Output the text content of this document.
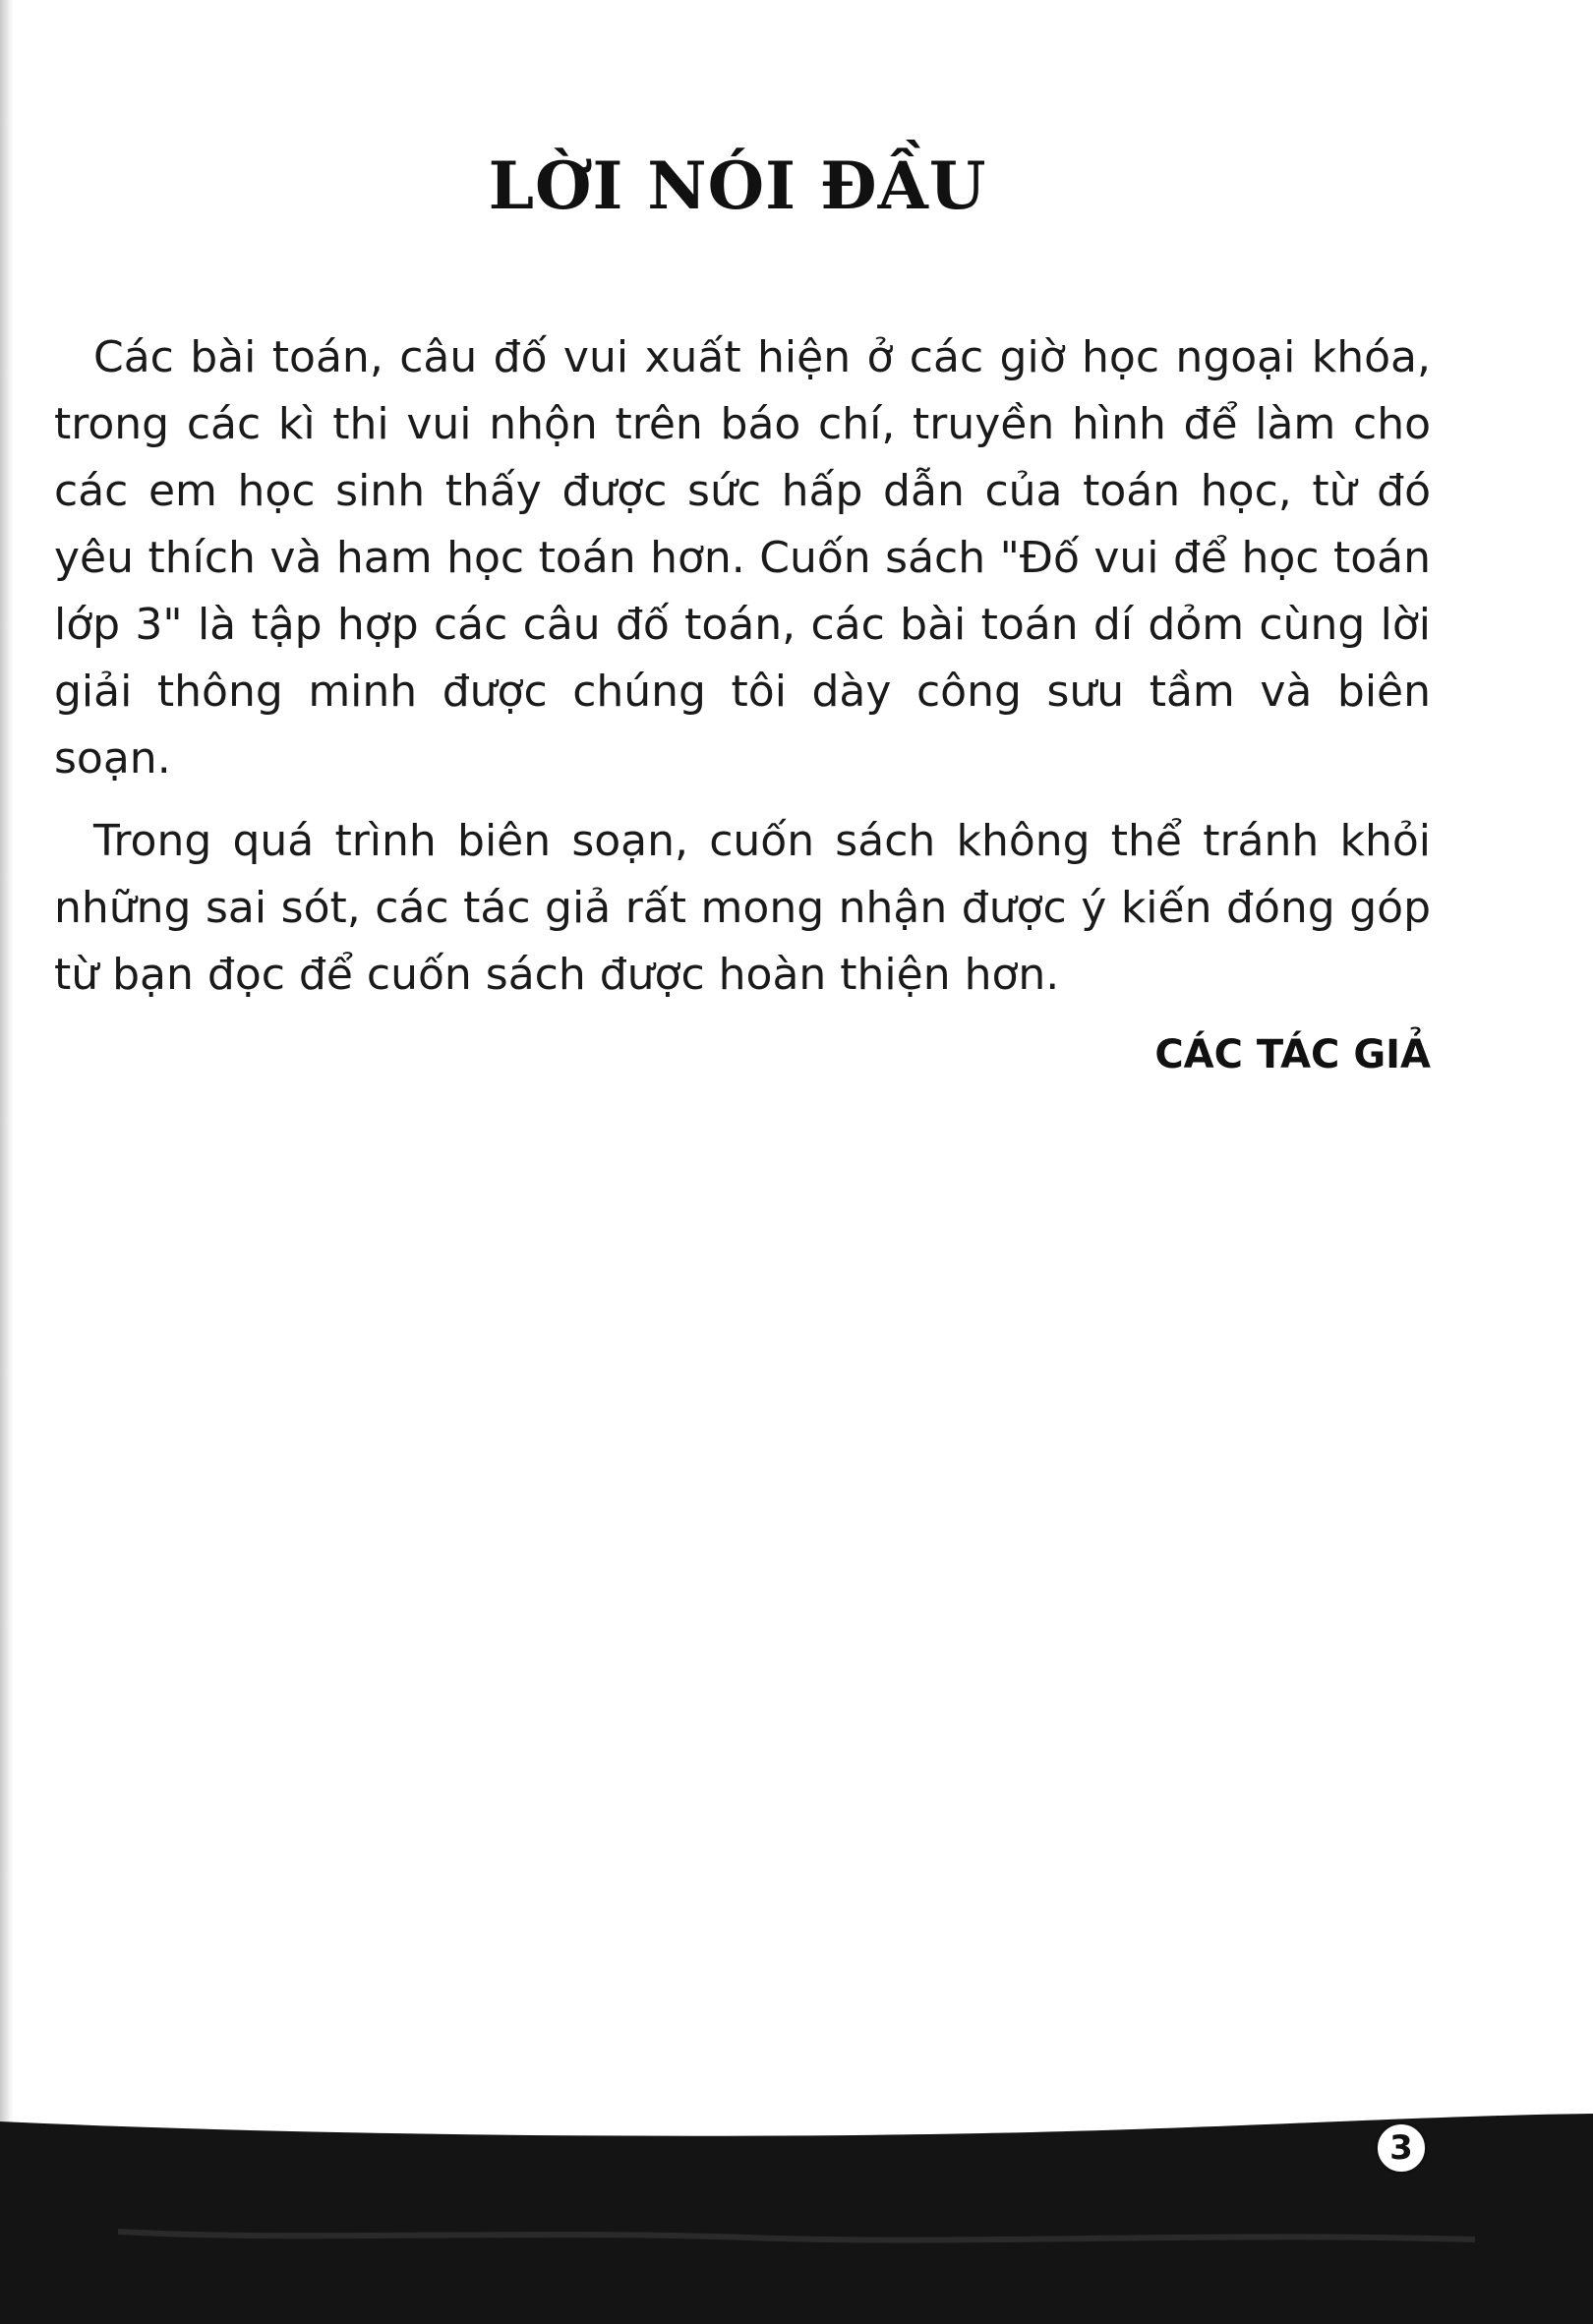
LỜI NÓI ĐẦU

Các bài toán, câu đố vui xuất hiện ở các giờ học ngoại khóa, trong các kì thi vui nhộn trên báo chí, truyền hình để làm cho các em học sinh thấy được sức hấp dẫn của toán học, từ đó yêu thích và ham học toán hơn. Cuốn sách "Đố vui để học toán lớp 3" là tập hợp các câu đố toán, các bài toán dí dỏm cùng lời giải thông minh được chúng tôi dày công sưu tầm và biên soạn.

Trong quá trình biên soạn, cuốn sách không thể tránh khỏi những sai sót, các tác giả rất mong nhận được ý kiến đóng góp từ bạn đọc để cuốn sách được hoàn thiện hơn.

CÁC TÁC GIẢ
3
